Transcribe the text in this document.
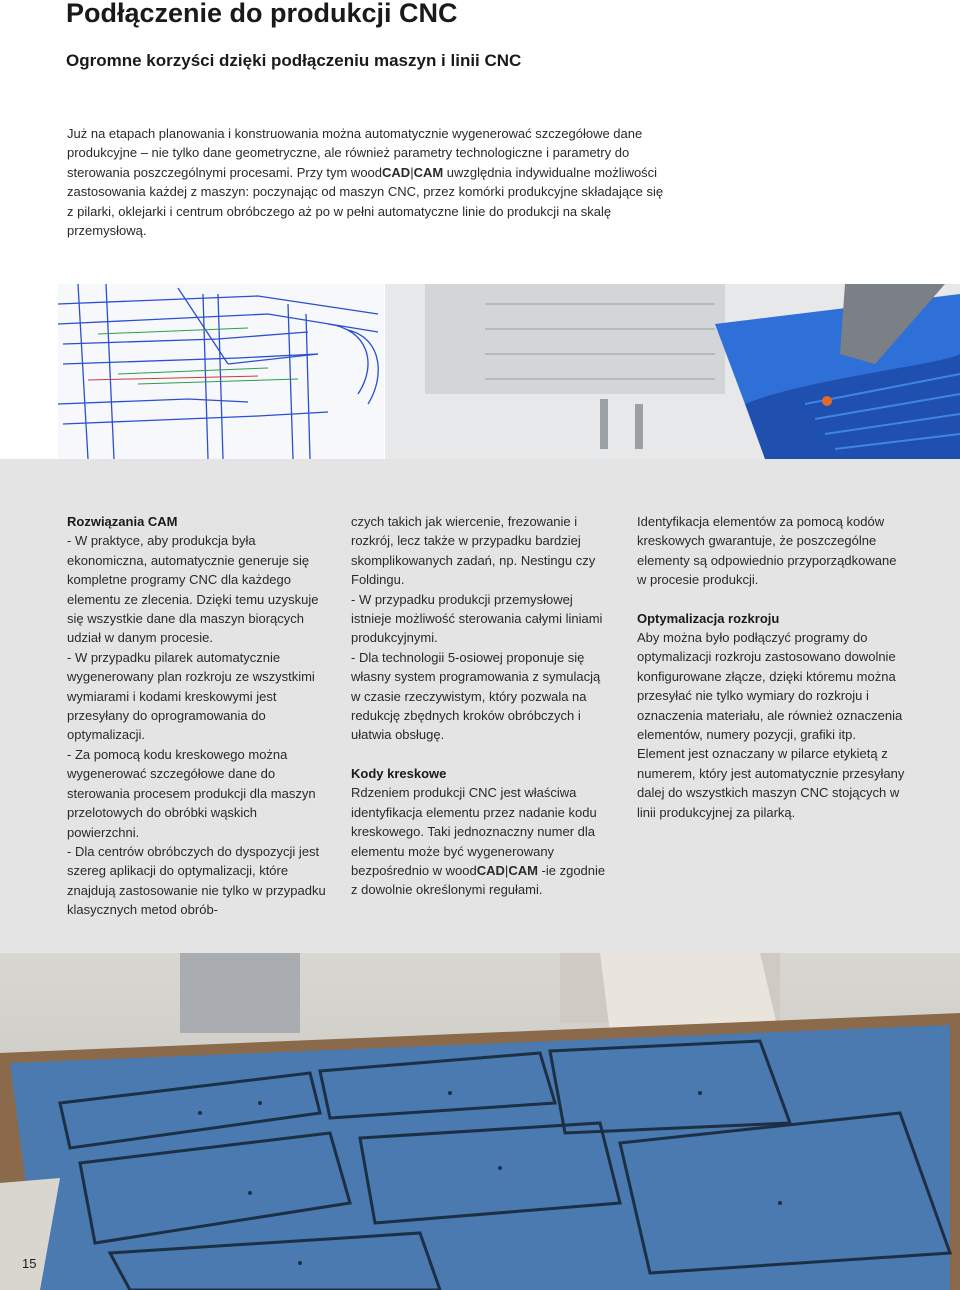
Podłączenie do produkcji CNC
Ogromne korzyści dzięki podłączeniu maszyn i linii CNC

Już na etapach planowania i konstruowania można automatycznie wygenerować szczegółowe dane produkcyjne – nie tylko dane geometryczne, ale również parametry technologiczne i parametry do sterowania poszczególnymi procesami. Przy tym woodCAD|CAM uwzględnia indywidualne możliwości zastosowania każdej z maszyn: poczynając od maszyn CNC, przez komórki produkcyjne składające się z pilarki, oklejarki i centrum obróbczego aż po w pełni automatyczne linie do produkcji na skalę przemysłową.

Rozwiązania CAM

- W praktyce, aby produkcja była ekonomiczna, automatycznie generuje się kompletne programy CNC dla każdego elementu ze zlecenia. Dzięki temu uzyskuje się wszystkie dane dla maszyn biorących udział w danym procesie.

- W przypadku pilarek automatycznie wygenerowany plan rozkroju ze wszystkimi wymiarami i kodami kreskowymi jest przesyłany do oprogramowania do optymalizacji.

- Za pomocą kodu kreskowego można wygenerować szczegółowe dane do sterowania procesem produkcji dla maszyn przelotowych do obróbki wąskich powierzchni.

- Dla centrów obróbczych do dyspozycji jest szereg aplikacji do optymalizacji, które znajdują zastosowanie nie tylko w przypadku klasycznych metod obrób-

czych takich jak wiercenie, frezowanie i rozkrój, lecz także w przypadku bardziej skomplikowanych zadań, np. Nestingu czy Foldingu.

- W przypadku produkcji przemysłowej istnieje możliwość sterowania całymi liniami produkcyjnymi.

- Dla technologii 5-osiowej proponuje się własny system programowania z symulacją w czasie rzeczywistym, który pozwala na redukcję zbędnych kroków obróbczych i ułatwia obsługę.

Kody kreskowe

Rdzeniem produkcji CNC jest właściwa identyfikacja elementu przez nadanie kodu kreskowego. Taki jednoznaczny numer dla elementu może być wygenerowany bezpośrednio w woodCAD|CAM -ie zgodnie z dowolnie określonymi regułami.

Identyfikacja elementów za pomocą kodów kreskowych gwarantuje, że poszczególne elementy są odpowiednio przyporządkowane w procesie produkcji.

Optymalizacja rozkroju

Aby można było podłączyć programy do optymalizacji rozkroju zastosowano dowolnie konfigurowane złącze, dzięki któremu można przesyłać nie tylko wymiary do rozkroju i oznaczenia materiału, ale również oznaczenia elementów, numery pozycji, grafiki itp. Element jest oznaczany w pilarce etykietą z numerem, który jest automatycznie przesyłany dalej do wszystkich maszyn CNC stojących w linii produkcyjnej za pilarką.

15
